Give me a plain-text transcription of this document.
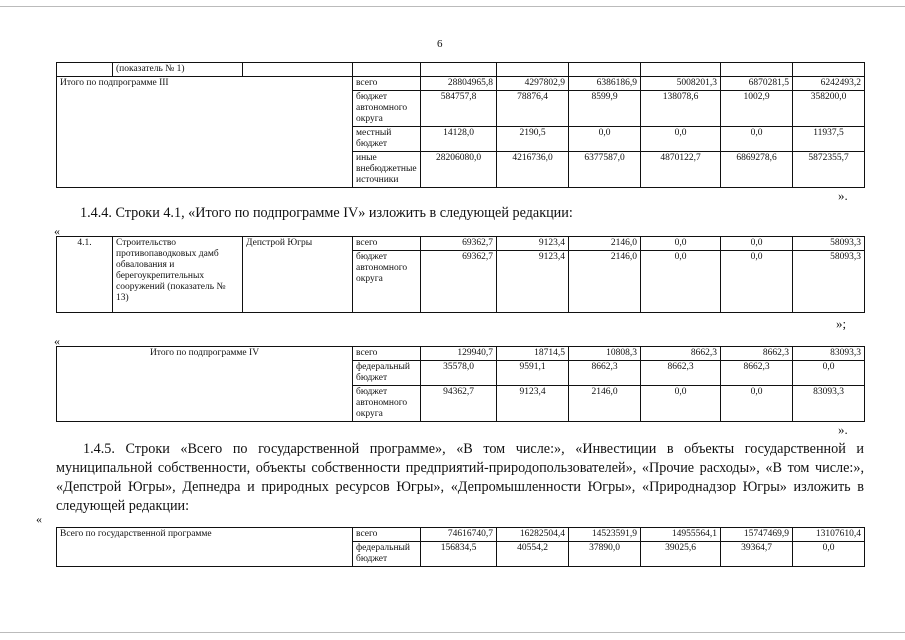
6
	(показатель № 1)								
Итого по подпрограмме III			всего	28804965,8	4297802,9	6386186,9	5008201,3	6870281,5	6242493,2
			бюджет автономного округа	584757,8	78876,4	8599,9	138078,6	1002,9	358200,0
			местный бюджет	14128,0	2190,5	0,0	0,0	0,0	11937,5
			иные внебюджетные источники	28206080,0	4216736,0	6377587,0	4870122,7	6869278,6	5872355,7
».

1.4.4. Строки 4.1, «Итого по подпрограмме IV» изложить в следующей редакции:

«
4.1.	Строительство противопаводковых дамб обвалования и берегоукрепительных сооружений (показатель № 13)	Депстрой Югры	всего	69362,7	9123,4	2146,0	0,0	0,0	58093,3
			бюджет автономного округа	69362,7	9123,4	2146,0	0,0	0,0	58093,3
»;
«
Итого по подпрограмме IV	всего	129940,7	18714,5	10808,3	8662,3	8662,3	83093,3
	федеральный бюджет	35578,0	9591,1	8662,3	8662,3	8662,3	0,0
	бюджет автономного округа	94362,7	9123,4	2146,0	0,0	0,0	83093,3
».

1.4.5. Строки «Всего по государственной программе», «В том числе:», «Инвестиции в объекты государственной и муниципальной собственности, объекты собственности предприятий-природопользователей», «Прочие расходы», «В том числе:», «Депстрой Югры», Депнедра и природных ресурсов Югры», «Депромышленности Югры», «Природнадзор Югры» изложить в следующей редакции:

«
Всего по государственной программе	всего	74616740,7	16282504,4	14523591,9	14955564,1	15747469,9	13107610,4
	федеральный бюджет	156834,5	40554,2	37890,0	39025,6	39364,7	0,0
